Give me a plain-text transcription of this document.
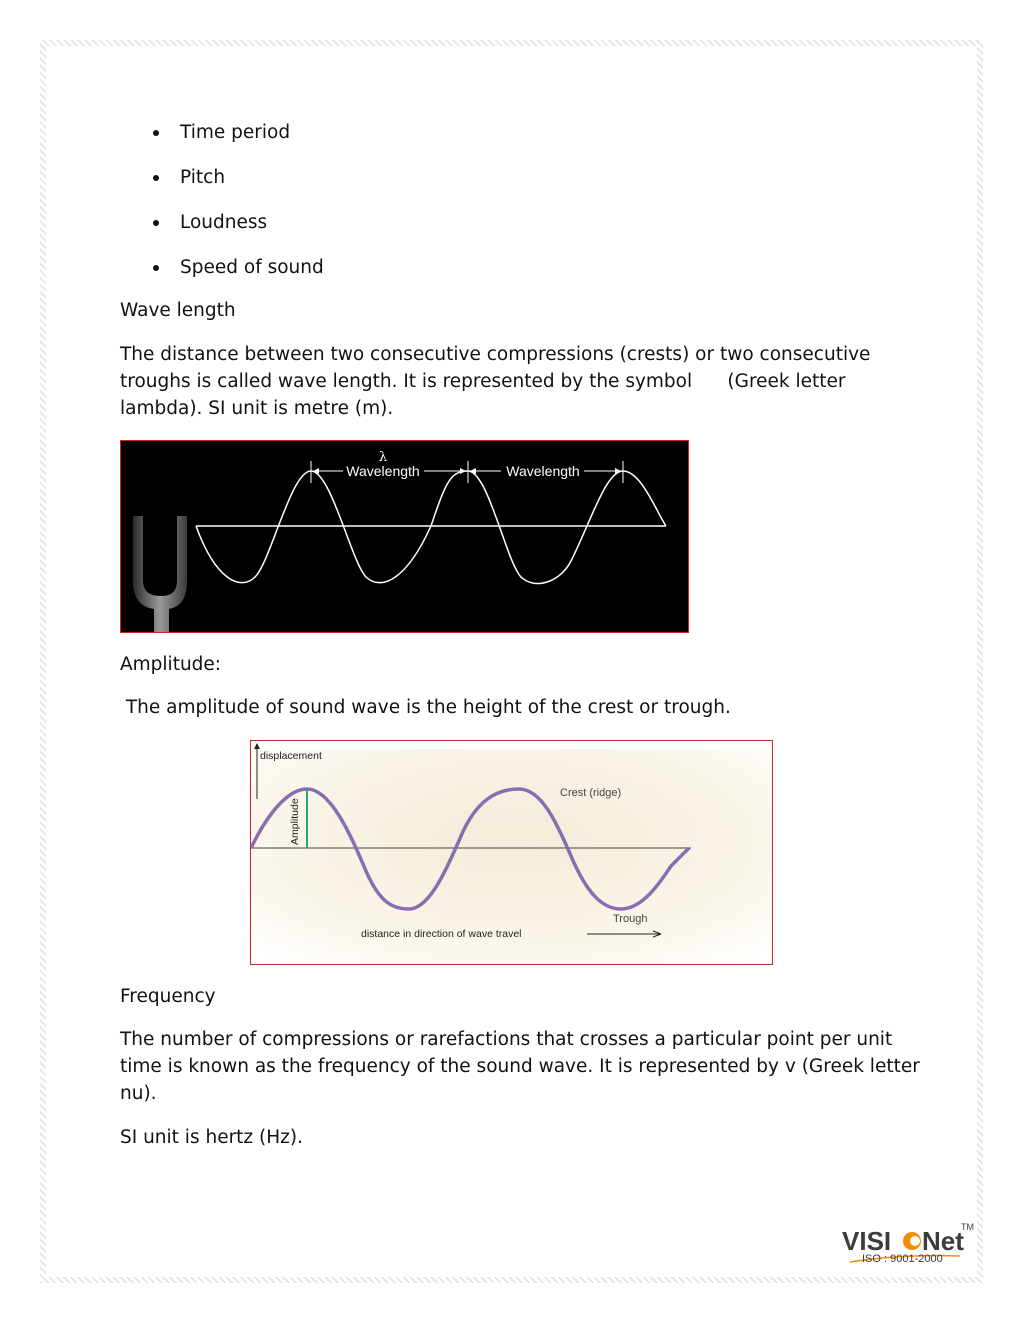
Time period
Pitch
Loudness
Speed of sound
Wave length
The distance between two consecutive compressions (crests) or two consecutive
troughs is called wave length. It is represented by the symbol      (Greek letter
lambda). SI unit is metre (m).
λ
Wavelength	Wavelength
Amplitude:
The amplitude of sound wave is the height of the crest or trough.
displacement
Amplitude
Crest (ridge)
Trough
distance in direction of wave travel
Frequency
The number of compressions or rarefactions that crosses a particular point per unit
time is known as the frequency of the sound wave. It is represented by v (Greek letter
nu).
SI unit is hertz (Hz).
VISI Net
TM
ISO : 9001-2000
